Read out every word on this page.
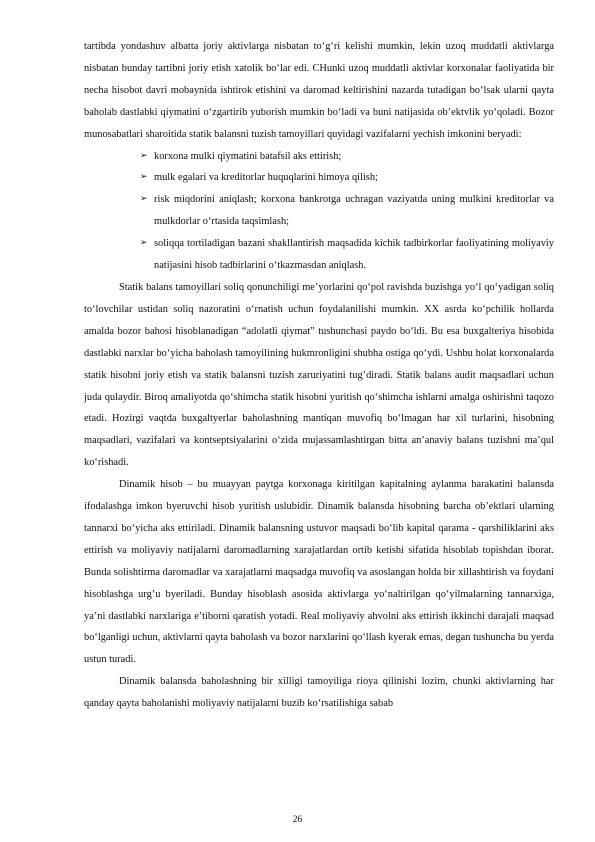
tartibda yondashuv albatta joriy aktivlarga nisbatan to‘g‘ri kelishi mumkin, lekin uzoq muddatli aktivlarga nisbatan bunday tartibni joriy etish xatolik bo‘lar edi. CHunki uzoq muddatli aktivlar korxonalar faoliyatida bir necha hisobot davri mobaynida ishtirok etishini va daromad keltirishini nazarda tutadigan bo‘lsak ularni qayta baholab dastlabki qiymatini o‘zgartirib yuborish mumkin bo‘ladi va buni natijasida ob’ektvlik yo‘qoladi. Bozor munosabatlari sharoitida statik balansni tuzish tamoyillari quyidagi vazifalarni yechish imkonini beryadi:

➢ korxona mulki qiymatini batafsil aks ettirish;
➢ mulk egalari va kreditorlar huquqlarini himoya qilish;
➢ risk miqdorini aniqlash; korxona bankrotga uchragan vaziyatda uning mulkini kreditorlar va mulkdorlar o‘rtasida taqsimlash;
➢ soliqqa tortiladigan bazani shakllantirish maqsadida kichik tadbirkorlar faoliyatining moliyaviy natijasini hisob tadbirlarini o‘tkazmasdan aniqlash.

Statik balans tamoyillari soliq qonunchiligi me’yorlarini qo‘pol ravishda buzishga yo‘l qo‘yadigan soliq to‘lovchilar ustidan soliq nazoratini o‘rnatish uchun foydalanilishi mumkin. XX asrda ko‘pchilik hollarda amalda bozor bahosi hisoblanadigan “adolatli qiymat” tushunchasi paydo bo‘ldi. Bu esa buxgalteriya hisobida dastlabki narxlar bo‘yicha baholash tamoyilining hukmronligini shubha ostiga qo‘ydi. Ushbu holat korxonalarda statik hisobni joriy etish va statik balansni tuzish zaruriyatini tug’diradi. Statik balans audit maqsadlari uchun juda qulaydir. Biroq amaliyotda qo‘shimcha statik hisobni yuritish qo‘shimcha ishlarni amalga oshirishni taqozo etadi. Hozirgi vaqtda buxgaltyerlar baholashning mantiqan muvofiq bo‘lmagan har xil turlarini, hisobning maqsadlari, vazifalari va kontseptsiyalarini o‘zida mujassamlashtirgan bitta an’anaviy balans tuzishni ma’qul ko‘rishadi.

Dinamik hisob – bu muayyan paytga korxonaga kiritilgan kapitalning aylanma harakatini balansda ifodalashga imkon byeruvchi hisob yuritish uslubidir. Dinamik balansda hisobning barcha ob’ektlari ularning tannarxi bo‘yicha aks ettiriladi. Dinamik balansning ustuvor maqsadi bo‘lib kapital qarama - qarshiliklarini aks ettirish va moliyaviy natijalarni daromadlarning xarajatlardan ortib ketishi sifatida hisoblab topishdan iborat. Bunda solishtirma daromadlar va xarajatlarni maqsadga muvofiq va asoslangan holda bir xillashtirish va foydani hisoblashga urg’u byeriladi. Bunday hisoblash asosida aktivlarga yo‘naltirilgan qo‘yilmalarning tannarxiga, ya’ni dastlabki narxlariga e’tiborni qaratish yotadi. Real moliyaviy ahvolni aks ettirish ikkinchi darajali maqsad bo‘lganligi uchun, aktivlarni qayta baholash va bozor narxlarini qo‘llash kyerak emas, degan tushuncha bu yerda ustun turadi.

Dinamik balansda baholashning bir xilligi tamoyiliga rioya qilinishi lozim, chunki aktivlarning har qanday qayta baholanishi moliyaviy natijalarni buzib ko‘rsatilishiga sabab

26
